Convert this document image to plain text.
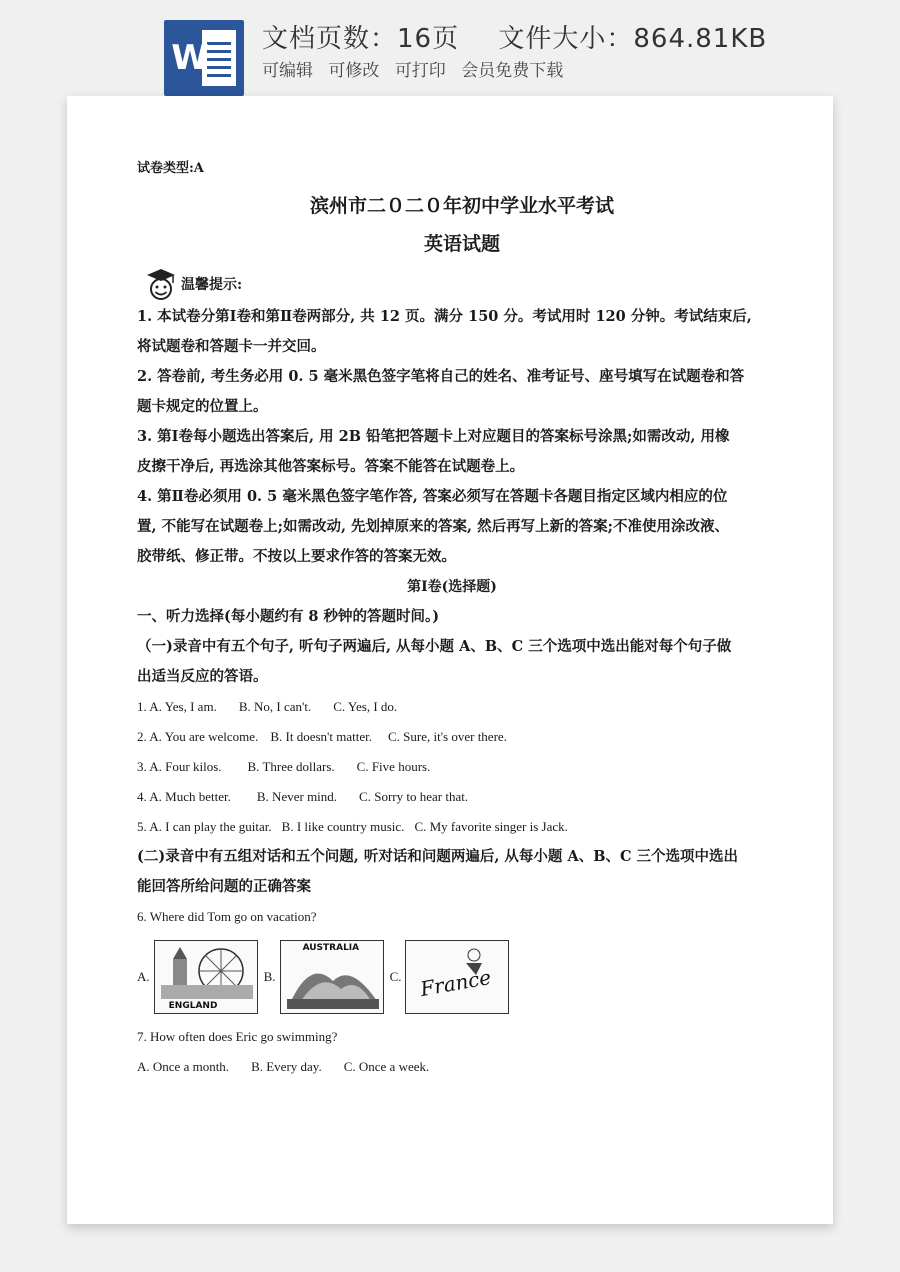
W 文档页数：16页 文件大小：864.81KB
可编辑 可修改 可打印 会员免费下载
试卷类型:A
滨州市二０二０年初中学业水平考试
英语试题
温馨提示:
1. 本试卷分第Ⅰ卷和第Ⅱ卷两部分, 共 12 页。满分 150 分。考试用时 120 分钟。考试结束后,
将试题卷和答题卡一并交回。
2. 答卷前, 考生务必用 0. 5 毫米黑色签字笔将自己的姓名、准考证号、座号填写在试题卷和答
题卡规定的位置上。
3. 第Ⅰ卷每小题选出答案后, 用 2B 铅笔把答题卡上对应题目的答案标号涂黑;如需改动, 用橡
皮擦干净后, 再选涂其他答案标号。答案不能答在试题卷上。
4. 第Ⅱ卷必须用 0. 5 毫米黑色签字笔作答, 答案必须写在答题卡各题目指定区域内相应的位
置, 不能写在试题卷上;如需改动, 先划掉原来的答案, 然后再写上新的答案;不准使用涂改液、
胶带纸、修正带。不按以上要求作答的答案无效。
第Ⅰ卷(选择题)
一、听力选择(每小题约有 8 秒钟的答题时间。)
（一)录音中有五个句子, 听句子两遍后, 从每小题 A、B、C 三个选项中选出能对每个句子做
出适当反应的答语。
1. A. Yes, I am. B. No, I can't. C. Yes, I do.
2. A. You are welcome. B. It doesn't matter. C. Sure, it's over there.
3. A. Four kilos. B. Three dollars. C. Five hours.
4. A. Much better. B. Never mind. C. Sorry to hear that.
5. A. I can play the guitar. B. I like country music. C. My favorite singer is Jack.
(二)录音中有五组对话和五个问题, 听对话和问题两遍后, 从每小题 A、B、C 三个选项中选出
能回答所给问题的正确答案
6. Where did Tom go on vacation?
A.
ENGLAND
B.
AUSTRALIA
C. France
7. How often does Eric go swimming?
A. Once a month. B. Every day. C. Once a week.
